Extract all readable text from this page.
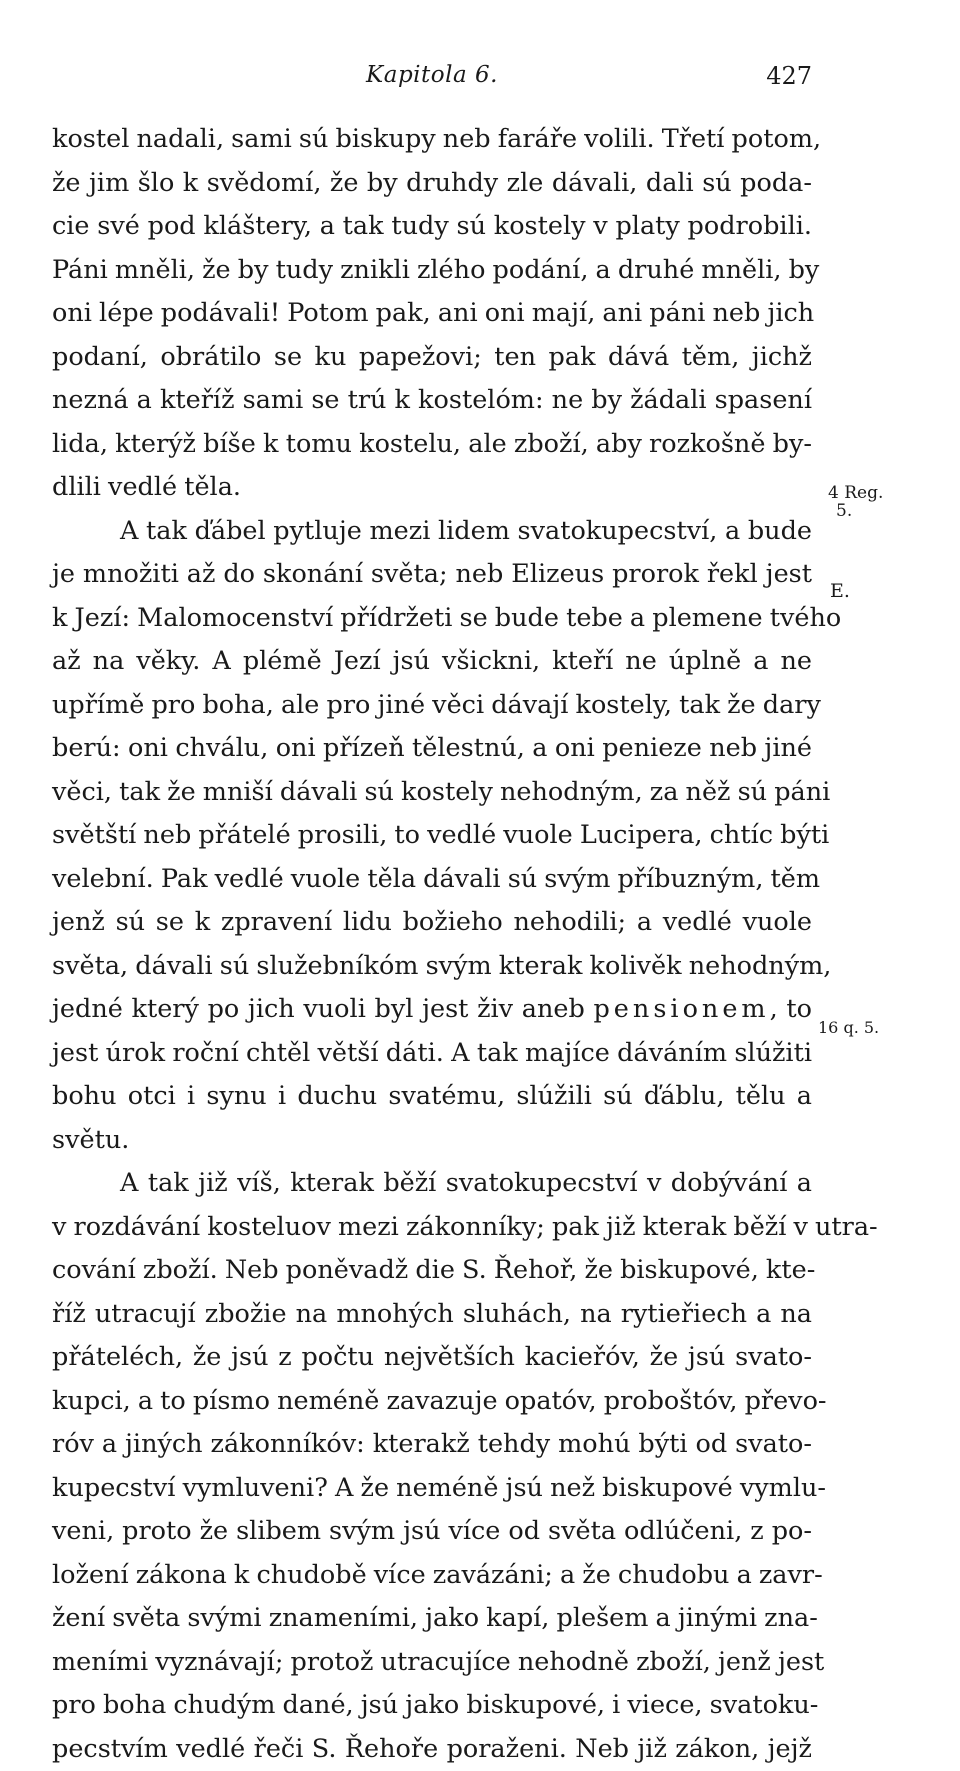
Kapitola 6.	427
kostel nadali, sami sú biskupy neb faráře volili. Třetí potom,
že jim šlo k svědomí, že by druhdy zle dávali, dali sú poda-
cie své pod kláštery, a tak tudy sú kostely v platy podrobili.
Páni mněli, že by tudy znikli zlého podání, a druhé mněli, by
oni lépe podávali! Potom pak, ani oni mají, ani páni neb jich
podaní, obrátilo se ku papežovi; ten pak dává těm, jichž
nezná a kteříž sami se trú k kostelóm: ne by žádali spasení
lida, kterýž bíše k tomu kostelu, ale zboží, aby rozkošně by-
dlili vedlé těla.
A tak ďábel pytluje mezi lidem svatokupecství, a bude
je množiti až do skonání světa; neb Elizeus prorok řekl jest
k Jezí: Malomocenství přídržeti se bude tebe a plemene tvého
až na věky. A plémě Jezí jsú všickni, kteří ne úplně a ne
upřímě pro boha, ale pro jiné věci dávají kostely, tak že dary
berú: oni chválu, oni přízeň tělestnú, a oni penieze neb jiné
věci, tak že mniší dávali sú kostely nehodným, za něž sú páni
světští neb přátelé prosili, to vedlé vuole Lucipera, chtíc býti
velební. Pak vedlé vuole těla dávali sú svým příbuzným, těm
jenž sú se k zpravení lidu božieho nehodili; a vedlé vuole
světa, dávali sú služebníkóm svým kterak kolivěk nehodným,
jedné který po jich vuoli byl jest živ aneb pensionem, to
jest úrok roční chtěl větší dáti. A tak majíce dáváním slúžiti
bohu otci i synu i duchu svatému, slúžili sú ďáblu, tělu a
světu.
A tak již víš, kterak běží svatokupecství v dobývání a
v rozdávání kosteluov mezi zákonníky; pak již kterak běží v utra-
cování zboží. Neb poněvadž die S. Řehoř, že biskupové, kte-
říž utracují zbožie na mnohých sluhách, na rytieřiech a na
přáteléch, že jsú z počtu největších kacieřóv, že jsú svato-
kupci, a to písmo neméně zavazuje opatóv, proboštóv, převo-
róv a jiných zákonníkóv: kterakž tehdy mohú býti od svato-
kupecství vymluveni? A že neméně jsú než biskupové vymlu-
veni, proto že slibem svým jsú více od světa odlúčeni, z po-
ložení zákona k chudobě více zavázáni; a že chudobu a zavr-
žení světa svými znameními, jako kapí, plešem a jinými zna-
meními vyznávají; protož utracujíce nehodně zboží, jenž jest
pro boha chudým dané, jsú jako biskupové, i viece, svatoku-
pecstvím vedlé řeči S. Řehoře poraženi. Neb již zákon, jejž
4 Reg.
5.
E.
16 q. 5.
